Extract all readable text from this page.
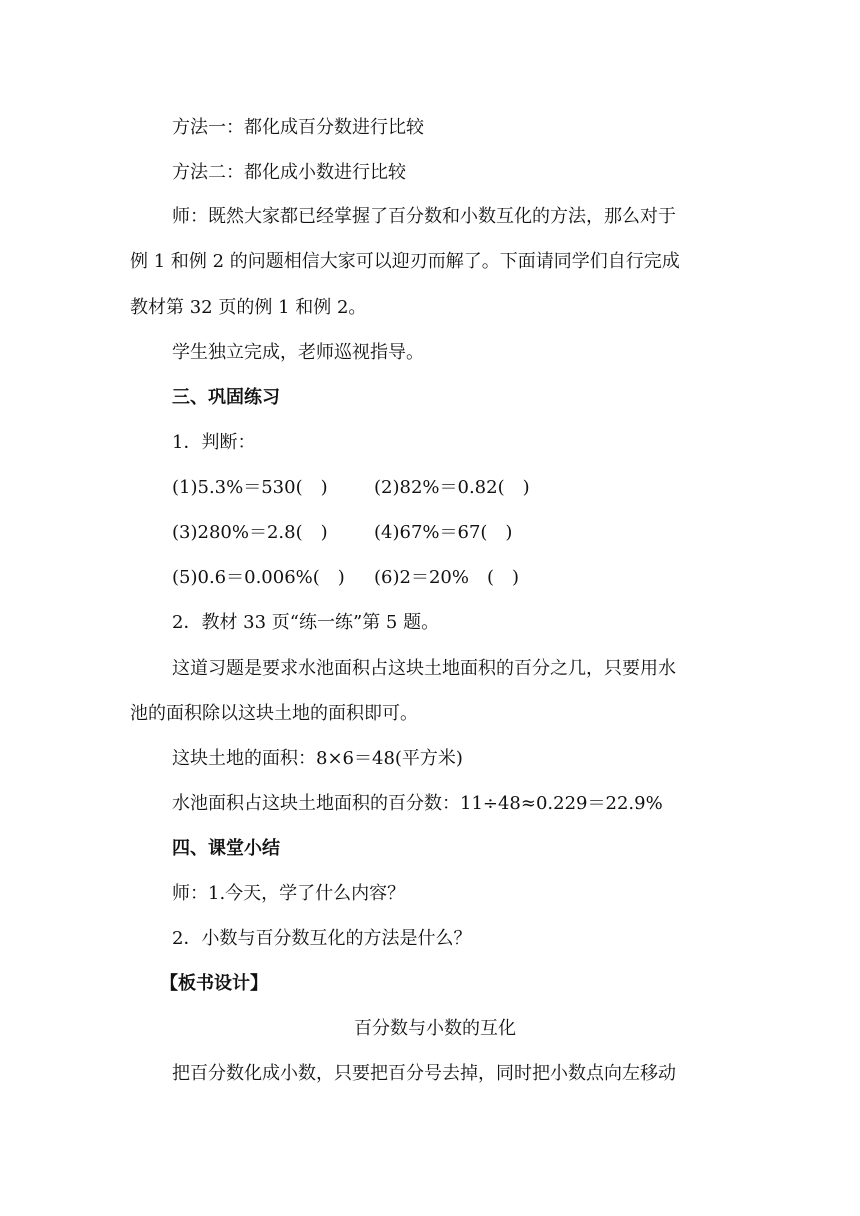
方法一：都化成百分数进行比较
方法二：都化成小数进行比较
师：既然大家都已经掌握了百分数和小数互化的方法，那么对于
例 1 和例 2 的问题相信大家可以迎刃而解了。下面请同学们自行完成
教材第 32 页的例 1 和例 2。
学生独立完成，老师巡视指导。
三、巩固练习
1．判断：
(1)5.3%＝530(　)	(2)82%＝0.82(　)
(3)280%＝2.8(　)	(4)67%＝67(　)
(5)0.6＝0.006%(　) (6)2＝20%　(　)
2．教材 33 页“练一练”第 5 题。
这道习题是要求水池面积占这块土地面积的百分之几，只要用水
池的面积除以这块土地的面积即可。
这块土地的面积：8×6＝48(平方米)
水池面积占这块土地面积的百分数：11÷48≈0.229＝22.9%
四、课堂小结
师：1.今天，学了什么内容？
2．小数与百分数互化的方法是什么？
【板书设计】
百分数与小数的互化
把百分数化成小数，只要把百分号去掉，同时把小数点向左移动
